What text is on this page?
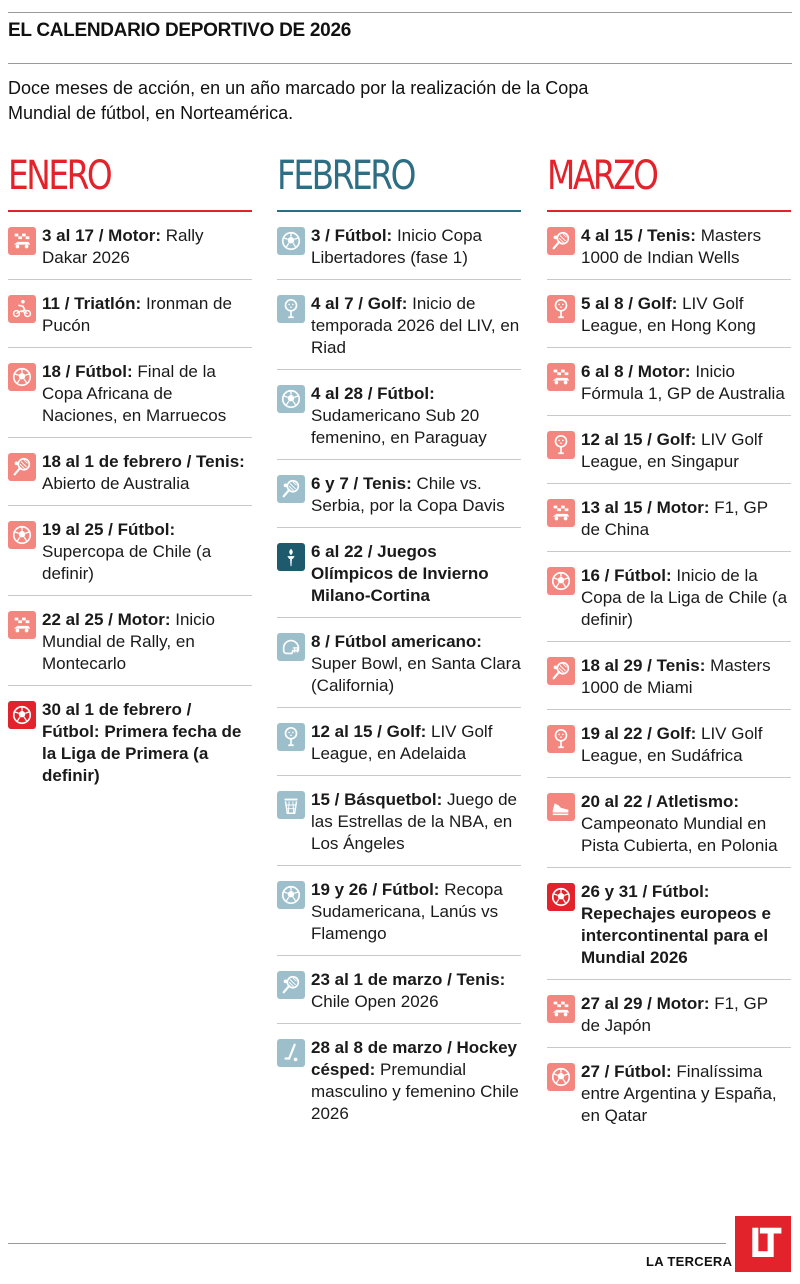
EL CALENDARIO DEPORTIVO DE 2026

Doce meses de acción, en un año marcado por la realización de la Copa Mundial de fútbol, en Norteamérica.

ENERO
3 al 17 / Motor: Rally Dakar 2026
11 / Triatlón: Ironman de Pucón
18 / Fútbol: Final de la Copa Africana de Naciones, en Marruecos
18 al 1 de febrero / Tenis: Abierto de Australia
19 al 25 / Fútbol: Supercopa de Chile (a definir)
22 al 25 / Motor: Inicio Mundial de Rally, en Montecarlo
30 al 1 de febrero / Fútbol: Primera fecha de la Liga de Primera (a definir)
FEBRERO
3 / Fútbol: Inicio Copa Libertadores (fase 1)
4 al 7 / Golf: Inicio de temporada 2026 del LIV, en Riad
4 al 28 / Fútbol: Sudamericano Sub 20 femenino, en Paraguay
6 y 7 / Tenis: Chile vs. Serbia, por la Copa Davis
6 al 22 / Juegos Olímpicos de Invierno Milano-Cortina
8 / Fútbol americano: Super Bowl, en Santa Clara (California)
12 al 15 / Golf: LIV Golf League, en Adelaida
15 / Básquetbol: Juego de las Estrellas de la NBA, en Los Ángeles
19 y 26 / Fútbol: Recopa Sudamericana, Lanús vs Flamengo
23 al 1 de marzo / Tenis: Chile Open 2026
28 al 8 de marzo / Hockey césped: Premundial masculino y femenino Chile 2026
MARZO
4 al 15 / Tenis: Masters 1000 de Indian Wells
5 al 8 / Golf: LIV Golf League, en Hong Kong
6 al 8 / Motor: Inicio Fórmula 1, GP de Australia
12 al 15 / Golf: LIV Golf League, en Singapur
13 al 15 / Motor: F1, GP de China
16 / Fútbol: Inicio de la Copa de la Liga de Chile (a definir)
18 al 29 / Tenis: Masters 1000 de Miami
19 al 22 / Golf: LIV Golf League, en Sudáfrica
20 al 22 / Atletismo: Campeonato Mundial en Pista Cubierta, en Polonia
26 y 31 / Fútbol: Repechajes europeos e intercontinental para el Mundial 2026
27 al 29 / Motor: F1, GP de Japón
27 / Fútbol: Finalíssima entre Argentina y España, en Qatar
LA TERCERA LT
